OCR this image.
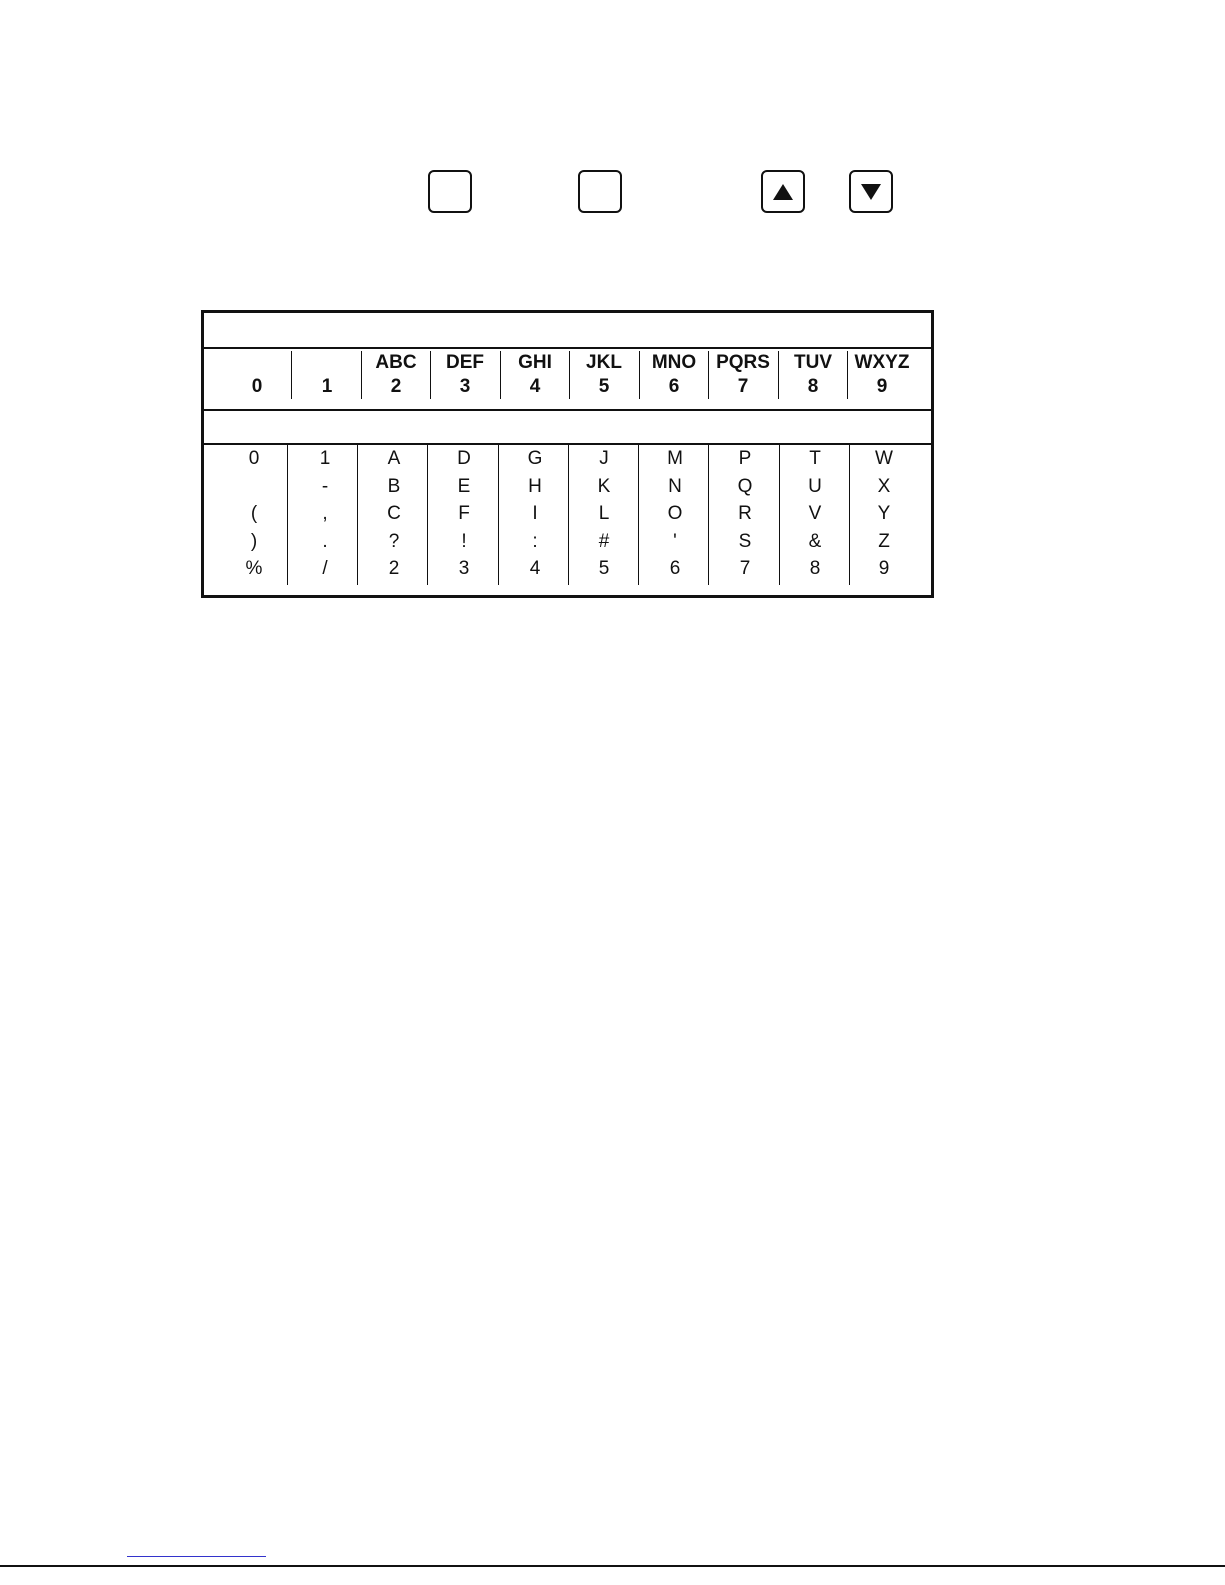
0	1
ABC
2
DEF
3
GHI
4
JKL
5
MNO
6
PQRS
7
TUV
8
WXYZ
9
0
(
)
%
1
-
,
.
/
A
B
C
?
2
D
E
F
!
3
G
H
I
:
4
J
K
L
#
5
M
N
O
'
6
P
Q
R
S
7
T
U
V
&
8
W
X
Y
Z
9
